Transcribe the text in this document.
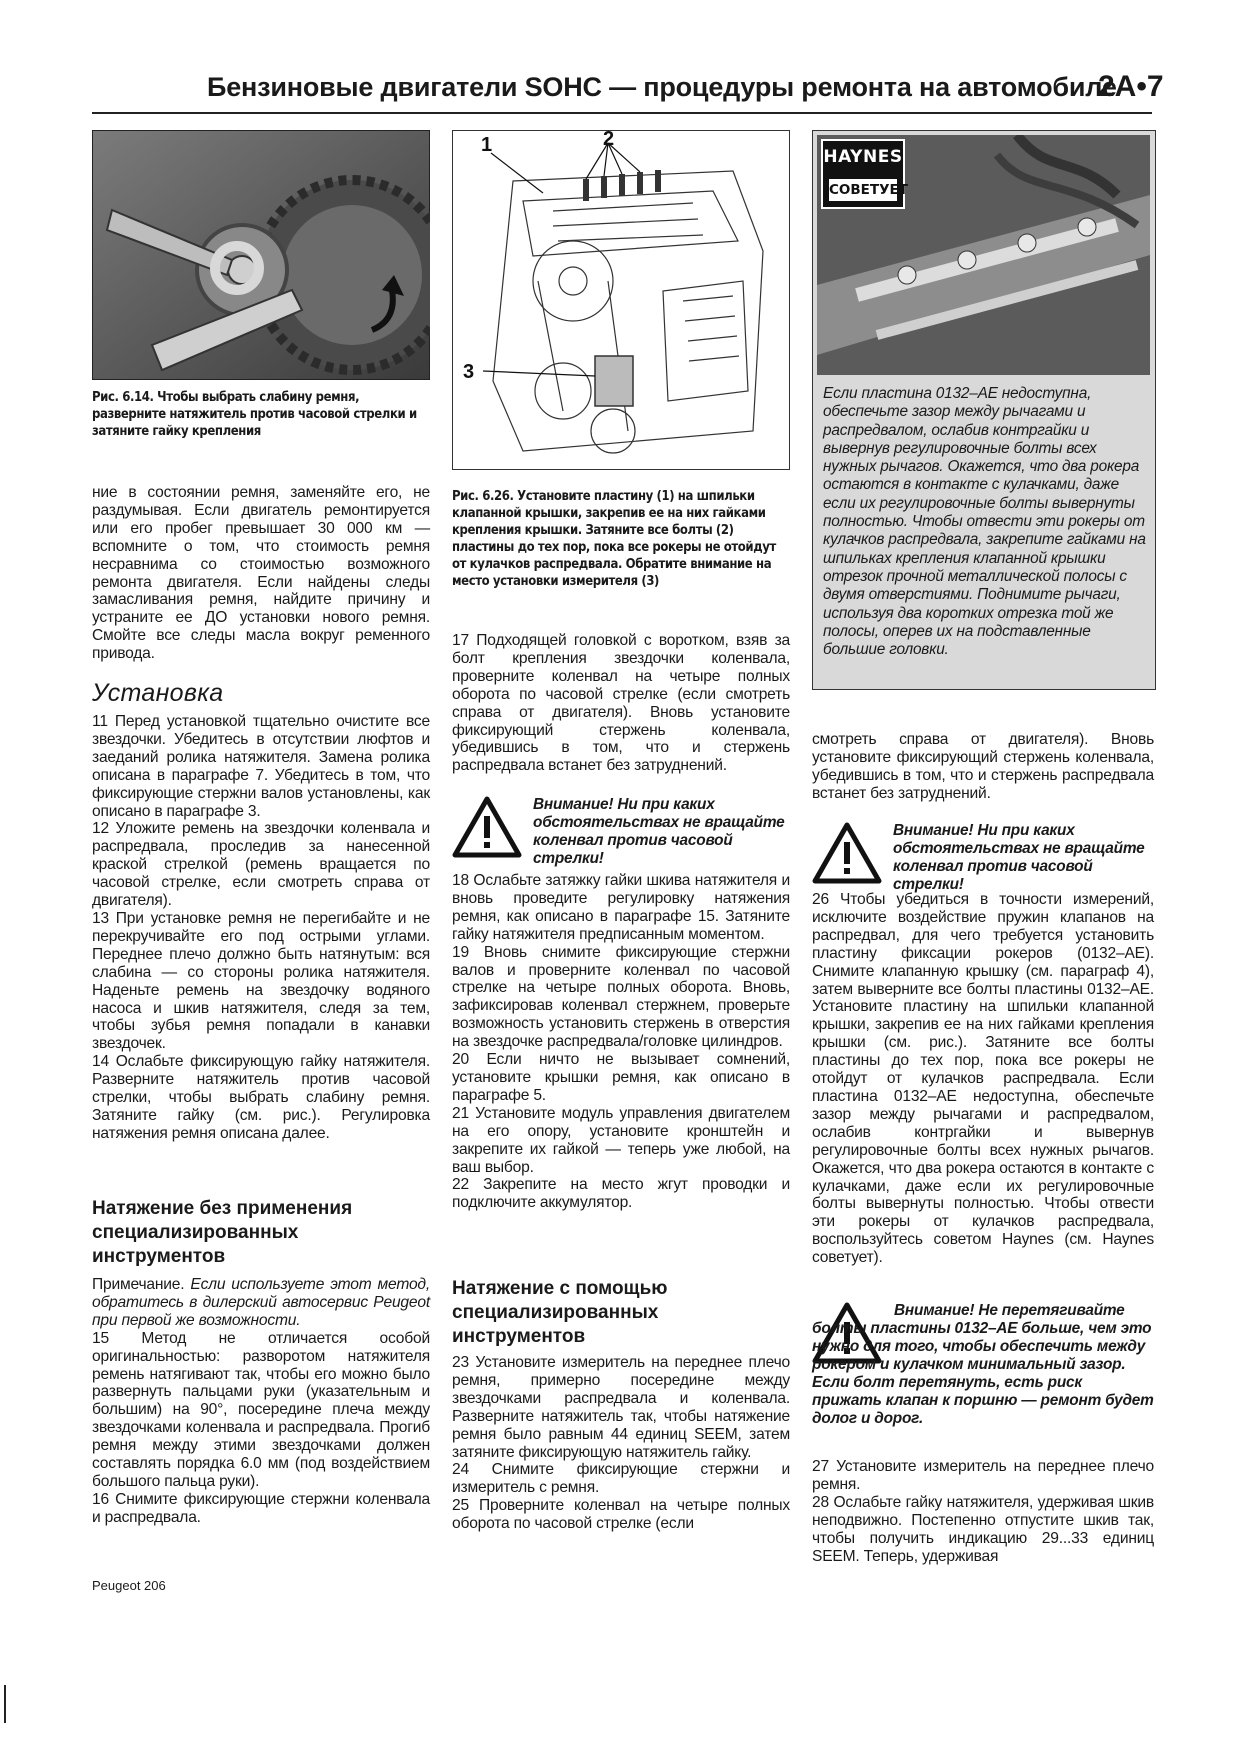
Бензиновые двигатели SOHC — процедуры ремонта на автомобиле
2A•7
Рис. 6.14. Чтобы выбрать слабину ремня, разверните натяжитель против часовой стрелки и затяните гайку крепления

ние в состоянии ремня, заменяйте его, не раздумывая. Если двигатель ремонтируется или его пробег превышает 30 000 км — вспомните о том, что стоимость ремня несравнима со стоимостью возможного ремонта двигателя. Если найдены следы замасливания ремня, найдите причину и устраните ее ДО установки нового ремня. Смойте все следы масла вокруг ременного привода.

Установка

11 Перед установкой тщательно очистите все звездочки. Убедитесь в отсутствии люфтов и заеданий ролика натяжителя. Замена ролика описана в параграфе 7. Убедитесь в том, что фиксирующие стержни валов установлены, как описано в параграфе 3.

12 Уложите ремень на звездочки коленвала и распредвала, проследив за нанесенной краской стрелкой (ремень вращается по часовой стрелке, если смотреть справа от двигателя).

13 При установке ремня не перегибайте и не перекручивайте его под острыми углами. Переднее плечо должно быть натянутым: вся слабина — со стороны ролика натяжителя. Наденьте ремень на звездочку водяного насоса и шкив натяжителя, следя за тем, чтобы зубья ремня попадали в канавки звездочек.

14 Ослабьте фиксирующую гайку натяжителя. Разверните натяжитель против часовой стрелки, чтобы выбрать слабину ремня. Затяните гайку (см. рис.). Регулировка натяжения ремня описана далее.

Натяжение без применения специализированных инструментов

Примечание. Если используете этот метод, обратитесь в дилерский автосервис Peugeot при первой же возможности.

15 Метод не отличается особой оригинальностью: разворотом натяжителя ремень натягивают так, чтобы его можно было развернуть пальцами руки (указательным и большим) на 90°, посередине плеча между звездочками коленвала и распредвала. Прогиб ремня между этими звездочками должен составлять порядка 6.0 мм (под воздействием большого пальца руки).

16 Снимите фиксирующие стержни коленвала и распредвала.

1	2
3
Рис. 6.26. Установите пластину (1) на шпильки клапанной крышки, закрепив ее на них гайками крепления крышки. Затяните все болты (2) пластины до тех пор, пока все рокеры не отойдут от кулачков распредвала. Обратите внимание на место установки измерителя (3)

17 Подходящей головкой с воротком, взяв за болт крепления звездочки коленвала, проверните коленвал на четыре полных оборота по часовой стрелке (если смотреть справа от двигателя). Вновь установите фиксирующий стержень коленвала, убедившись в том, что и стержень распредвала встанет без затруднений.

Внимание! Ни при каких обстоятельствах не вращайте коленвал против часовой стрелки!

18 Ослабьте затяжку гайки шкива натяжителя и вновь проведите регулировку натяжения ремня, как описано в параграфе 15. Затяните гайку натяжителя предписанным моментом.

19 Вновь снимите фиксирующие стержни валов и проверните коленвал по часовой стрелке на четыре полных оборота. Вновь, зафиксировав коленвал стержнем, проверьте возможность установить стержень в отверстия на звездочке распредвала/головке цилиндров.

20 Если ничто не вызывает сомнений, установите крышки ремня, как описано в параграфе 5.

21 Установите модуль управления двигателем на его опору, установите кронштейн и закрепите их гайкой — теперь уже любой, на ваш выбор.

22 Закрепите на место жгут проводки и подключите аккумулятор.

Натяжение с помощью специализированных инструментов

23 Установите измеритель на переднее плечо ремня, примерно посередине между звездочками распредвала и коленвала. Разверните натяжитель так, чтобы натяжение ремня было равным 44 единиц SEEM, затем затяните фиксирующую натяжитель гайку.

24 Снимите фиксирующие стержни и измеритель с ремня.

25 Проверните коленвал на четыре полных оборота по часовой стрелке (если

HAYNES
СОВЕТУЕТ
Если пластина 0132–AE недоступна, обеспечьте зазор между рычагами и распредвалом, ослабив контргайки и вывернув регулировочные болты всех нужных рычагов. Окажется, что два рокера остаются в контакте с кулачками, даже если их регулировочные болты вывернуты полностью. Чтобы отвести эти рокеры от кулачков распредвала, закрепите гайками на шпильках крепления клапанной крышки отрезок прочной металлической полосы с двумя отверстиями. Поднимите рычаги, используя два коротких отрезка той же полосы, оперев их на подставленные большие головки.

смотреть справа от двигателя). Вновь установите фиксирующий стержень коленвала, убедившись в том, что и стержень распредвала встанет без затруднений.

Внимание! Ни при каких обстоятельствах не вращайте коленвал против часовой стрелки!

26 Чтобы убедиться в точности измерений, исключите воздействие пружин клапанов на распредвал, для чего требуется установить пластину фиксации рокеров (0132–AE). Снимите клапанную крышку (см. параграф 4), затем выверните все болты пластины 0132–AE. Установите пластину на шпильки клапанной крышки, закрепив ее на них гайками крепления крышки (см. рис.). Затяните все болты пластины до тех пор, пока все рокеры не отойдут от кулачков распредвала. Если пластина 0132–AE недоступна, обеспечьте зазор между рычагами и распредвалом, ослабив контргайки и вывернув регулировочные болты всех нужных рычагов. Окажется, что два рокера остаются в контакте с кулачками, даже если их регулировочные болты вывернуты полностью. Чтобы отвести эти рокеры от кулачков распредвала, воспользуйтесь советом Haynes (см. Haynes советует).

Внимание! Не перетягивайте болты пластины 0132–AE больше, чем это нужно для того, чтобы обеспечить между рокером и кулачком минимальный зазор. Если болт перетянуть, есть риск прижать клапан к поршню — ремонт будет долог и дорог.

27 Установите измеритель на переднее плечо ремня.

28 Ослабьте гайку натяжителя, удерживая шкив неподвижно. Постепенно отпустите шкив так, чтобы получить индикацию 29...33 единиц SEEM. Теперь, удерживая

Peugeot 206
